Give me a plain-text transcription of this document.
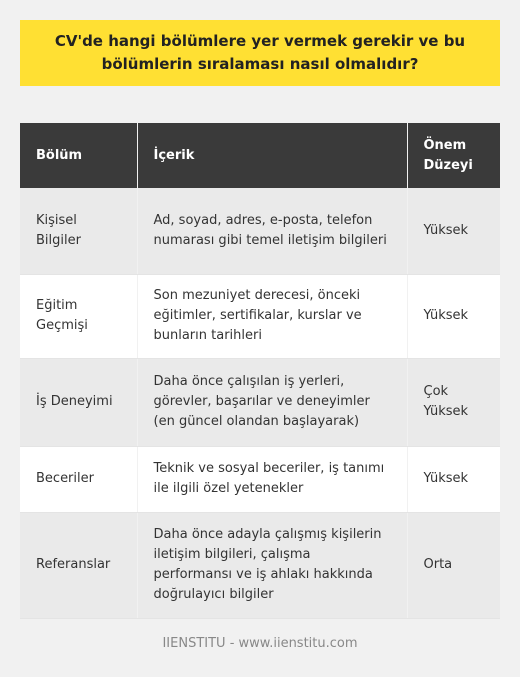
CV'de hangi bölümlere yer vermek gerekir ve bu bölümlerin sıralaması nasıl olmalıdır?
Bölüm	İçerik	Önem Düzeyi
Kişisel Bilgiler	Ad, soyad, adres, e-posta, telefon numarası gibi temel iletişim bilgileri	Yüksek
Eğitim Geçmişi	Son mezuniyet derecesi, önceki eğitimler, sertifikalar, kurslar ve bunların tarihleri	Yüksek
İş Deneyimi	Daha önce çalışılan iş yerleri, görevler, başarılar ve deneyimler (en güncel olandan başlayarak)	Çok Yüksek
Beceriler	Teknik ve sosyal beceriler, iş tanımı ile ilgili özel yetenekler	Yüksek
Referanslar	Daha önce adayla çalışmış kişilerin iletişim bilgileri, çalışma performansı ve iş ahlakı hakkında doğrulayıcı bilgiler	Orta
IIENSTITU - www.iienstitu.com
